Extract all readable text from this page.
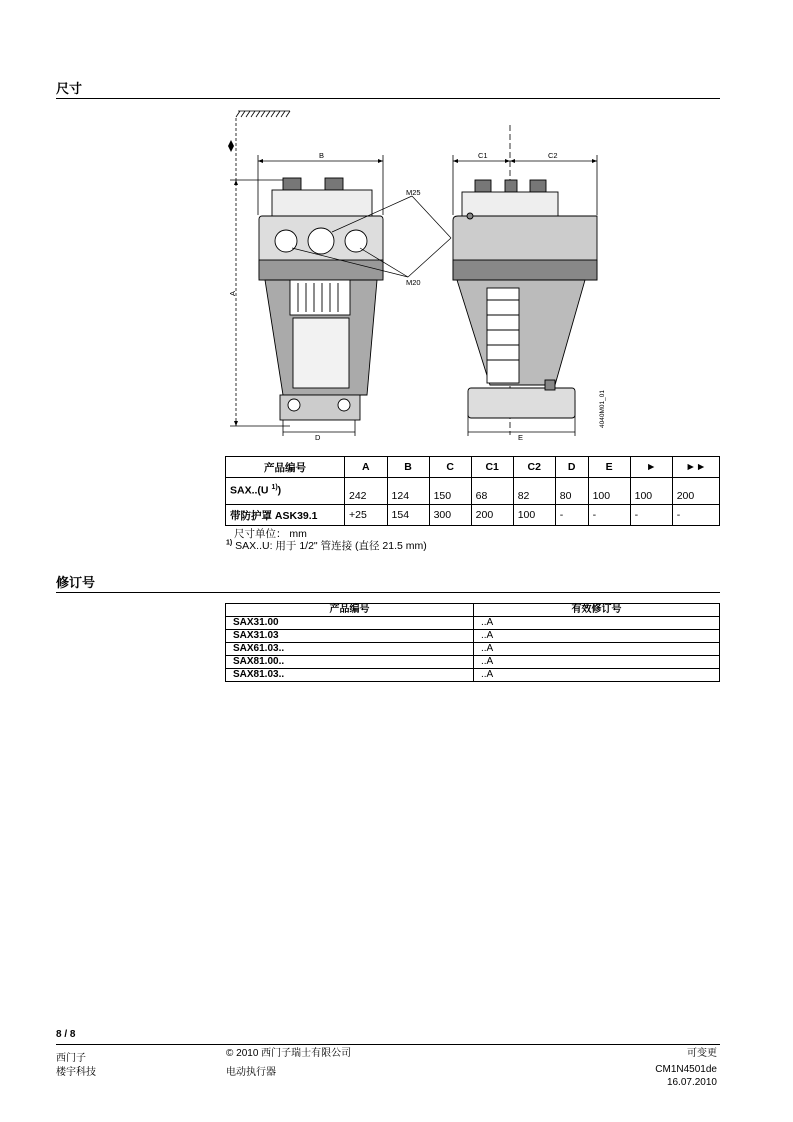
尺寸
B	C1	C2
A
D	E
M25
M20
4040M01_01
产品编号	A	B	C	C1	C2	D	E	►	►►
SAX..(U $^{1)}$)	242	124	150	68	82	80	100	100	200
带防护罩 ASK39.1	+25	154	300	200	100	-	-	-	-
尺寸单位： mm
$^{1)}$ SAX..U: 用于 1/2" 管连接 (直径 21.5 mm)
修订号
产品编号	有效修订号
SAX31.00	..A
SAX31.03	..A
SAX61.03..	..A
SAX81.00..	..A
SAX81.03..	..A
8 / 8
西门子
楼宇科技
© 2010 西门子瑞士有限公司
电动执行器
可变更
CM1N4501de
16.07.2010
